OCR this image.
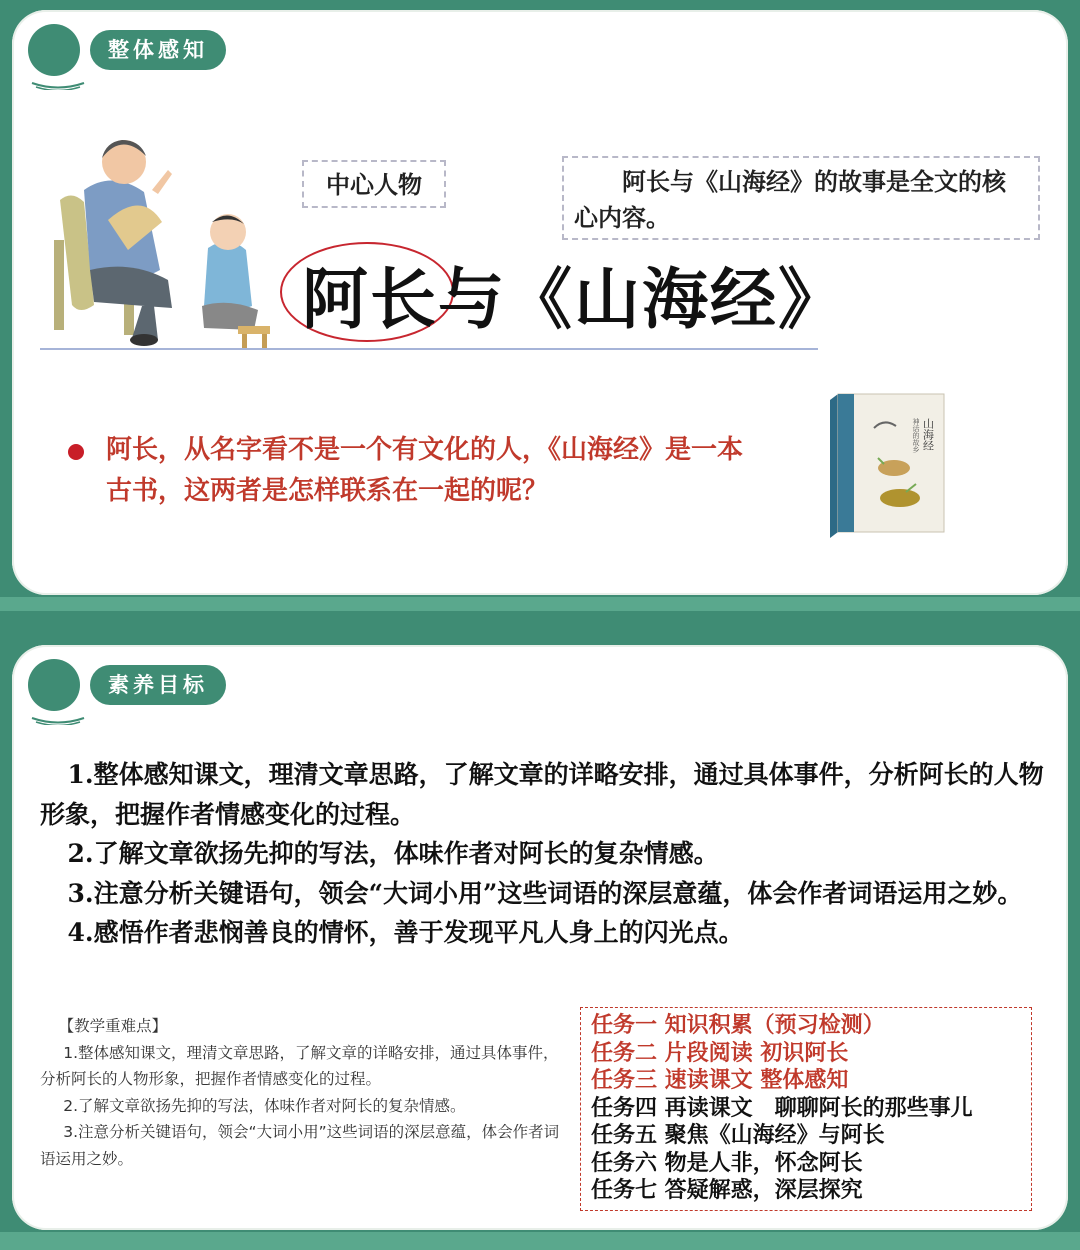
整体感知
中心人物	阿长与《山海经》的故事是全文的核心内容。
阿长与《山海经》
阿长，从名字看不是一个有文化的人，《山海经》是一本古书，这两者是怎样联系在一起的呢？
山海经
神话的故乡
素养目标

1.整体感知课文，理清文章思路，了解文章的详略安排，通过具体事件，分析阿长的人物形象，把握作者情感变化的过程。

2.了解文章欲扬先抑的写法，体味作者对阿长的复杂情感。

3.注意分析关键语句，领会“大词小用”这些词语的深层意蕴，体会作者词语运用之妙。

4.感悟作者悲悯善良的情怀，善于发现平凡人身上的闪光点。

【教学重难点】

1.整体感知课文，理清文章思路，了解文章的详略安排，通过具体事件，分析阿长的人物形象，把握作者情感变化的过程。

2.了解文章欲扬先抑的写法，体味作者对阿长的复杂情感。

3.注意分析关键语句，领会“大词小用”这些词语的深层意蕴，体会作者词语运用之妙。

任务一 知识积累（预习检测）
任务二 片段阅读 初识阿长
任务三 速读课文 整体感知
任务四 再读课文　聊聊阿长的那些事儿
任务五 聚焦《山海经》与阿长
任务六 物是人非，怀念阿长
任务七 答疑解惑，深层探究
